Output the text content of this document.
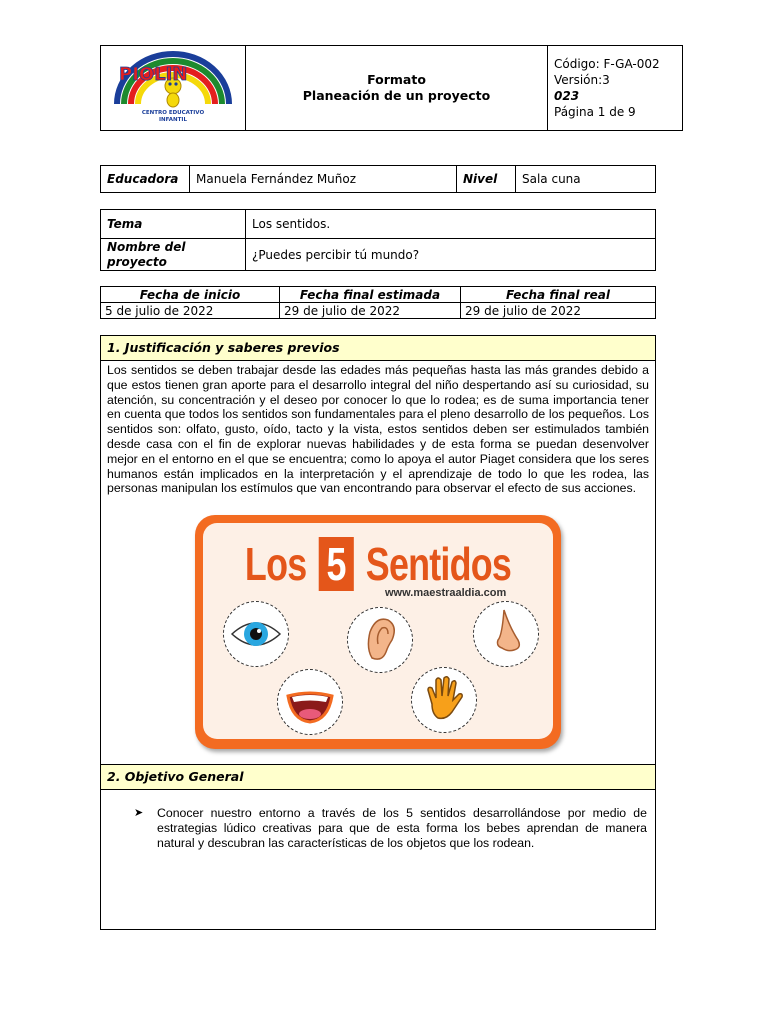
PIOLIN
CENTRO EDUCATIVO
INFANTIL

Formato
Planeación de un proyecto

Código: F-GA-002
Versión:3
023
Página 1 de 9
Educadora	Manuela Fernández Muñoz	Nivel	Sala cuna
Tema	Los sentidos.

Nombre del
proyecto	¿Puedes percibir tú mundo?
Fecha de inicio	Fecha final estimada	Fecha final real
5 de julio de 2022	29 de julio de 2022	29 de julio de 2022
1. Justificación y saberes previos
Los sentidos se deben trabajar desde las edades más pequeñas hasta las más grandes debido a que estos tienen gran aporte para el desarrollo integral del niño despertando así su curiosidad, su atención, su concentración y el deseo por conocer lo que lo rodea; es de suma importancia tener en cuenta que todos los sentidos son fundamentales para el pleno desarrollo de los pequeños. Los sentidos son: olfato, gusto, oído, tacto y la vista, estos sentidos deben ser estimulados también desde casa con el fin de explorar nuevas habilidades y de esta forma se puedan desenvolver mejor en el entorno en el que se encuentra; como lo apoya el autor Piaget considera que los seres humanos están implicados en la interpretación y el aprendizaje de todo lo que les rodea, las personas manipulan los estímulos que van encontrando para observar el efecto de sus acciones.
Los 5 Sentidos
www.maestraaldia.com
2. Objetivo General
➤ Conocer nuestro entorno a través de los 5 sentidos desarrollándose por medio de estrategias lúdico creativas para que de esta forma los bebes aprendan de manera natural y descubran las características de los objetos que los rodean.
